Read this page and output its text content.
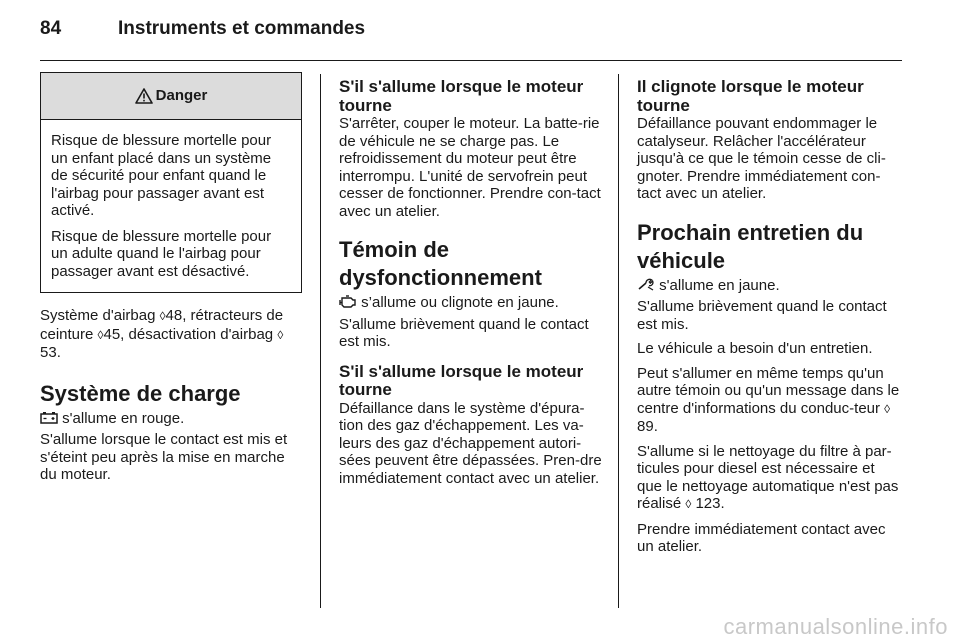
84	Instruments et commandes
Danger

Risque de blessure mortelle pour un enfant placé dans un système de sécurité pour enfant quand le l'airbag pour passager avant est activé.

Risque de blessure mortelle pour un adulte quand le l'airbag pour passager avant est désactivé.

Système d'airbag ◊48, rétracteurs de ceinture ◊45, désactivation d'airbag ◊ 53.

Système de charge

s'allume en rouge.

S'allume lorsque le contact est mis et s'éteint peu après la mise en marche du moteur.

S'il s'allume lorsque le moteur tourne

S'arrêter, couper le moteur. La batte-rie de véhicule ne se charge pas. Le refroidissement du moteur peut être interrompu. L'unité de servofrein peut cesser de fonctionner. Prendre con-tact avec un atelier.

Témoin de dysfonctionnement

s’allume ou clignote en jaune.

S'allume brièvement quand le contact est mis.

S'il s'allume lorsque le moteur tourne

Défaillance dans le système d'épura-tion des gaz d'échappement. Les va-leurs des gaz d'échappement autori-sées peuvent être dépassées. Pren-dre immédiatement contact avec un atelier.

Il clignote lorsque le moteur tourne

Défaillance pouvant endommager le catalyseur. Relâcher l'accélérateur jusqu'à ce que le témoin cesse de cli-gnoter. Prendre immédiatement con-tact avec un atelier.

Prochain entretien du véhicule

s'allume en jaune.

S'allume brièvement quand le contact est mis.

Le véhicule a besoin d'un entretien.

Peut s'allumer en même temps qu'un autre témoin ou qu'un message dans le centre d'informations du conduc-teur ◊ 89.

S'allume si le nettoyage du filtre à par-ticules pour diesel est nécessaire et que le nettoyage automatique n'est pas réalisé ◊ 123.

Prendre immédiatement contact avec un atelier.

carmanualsonline.info
